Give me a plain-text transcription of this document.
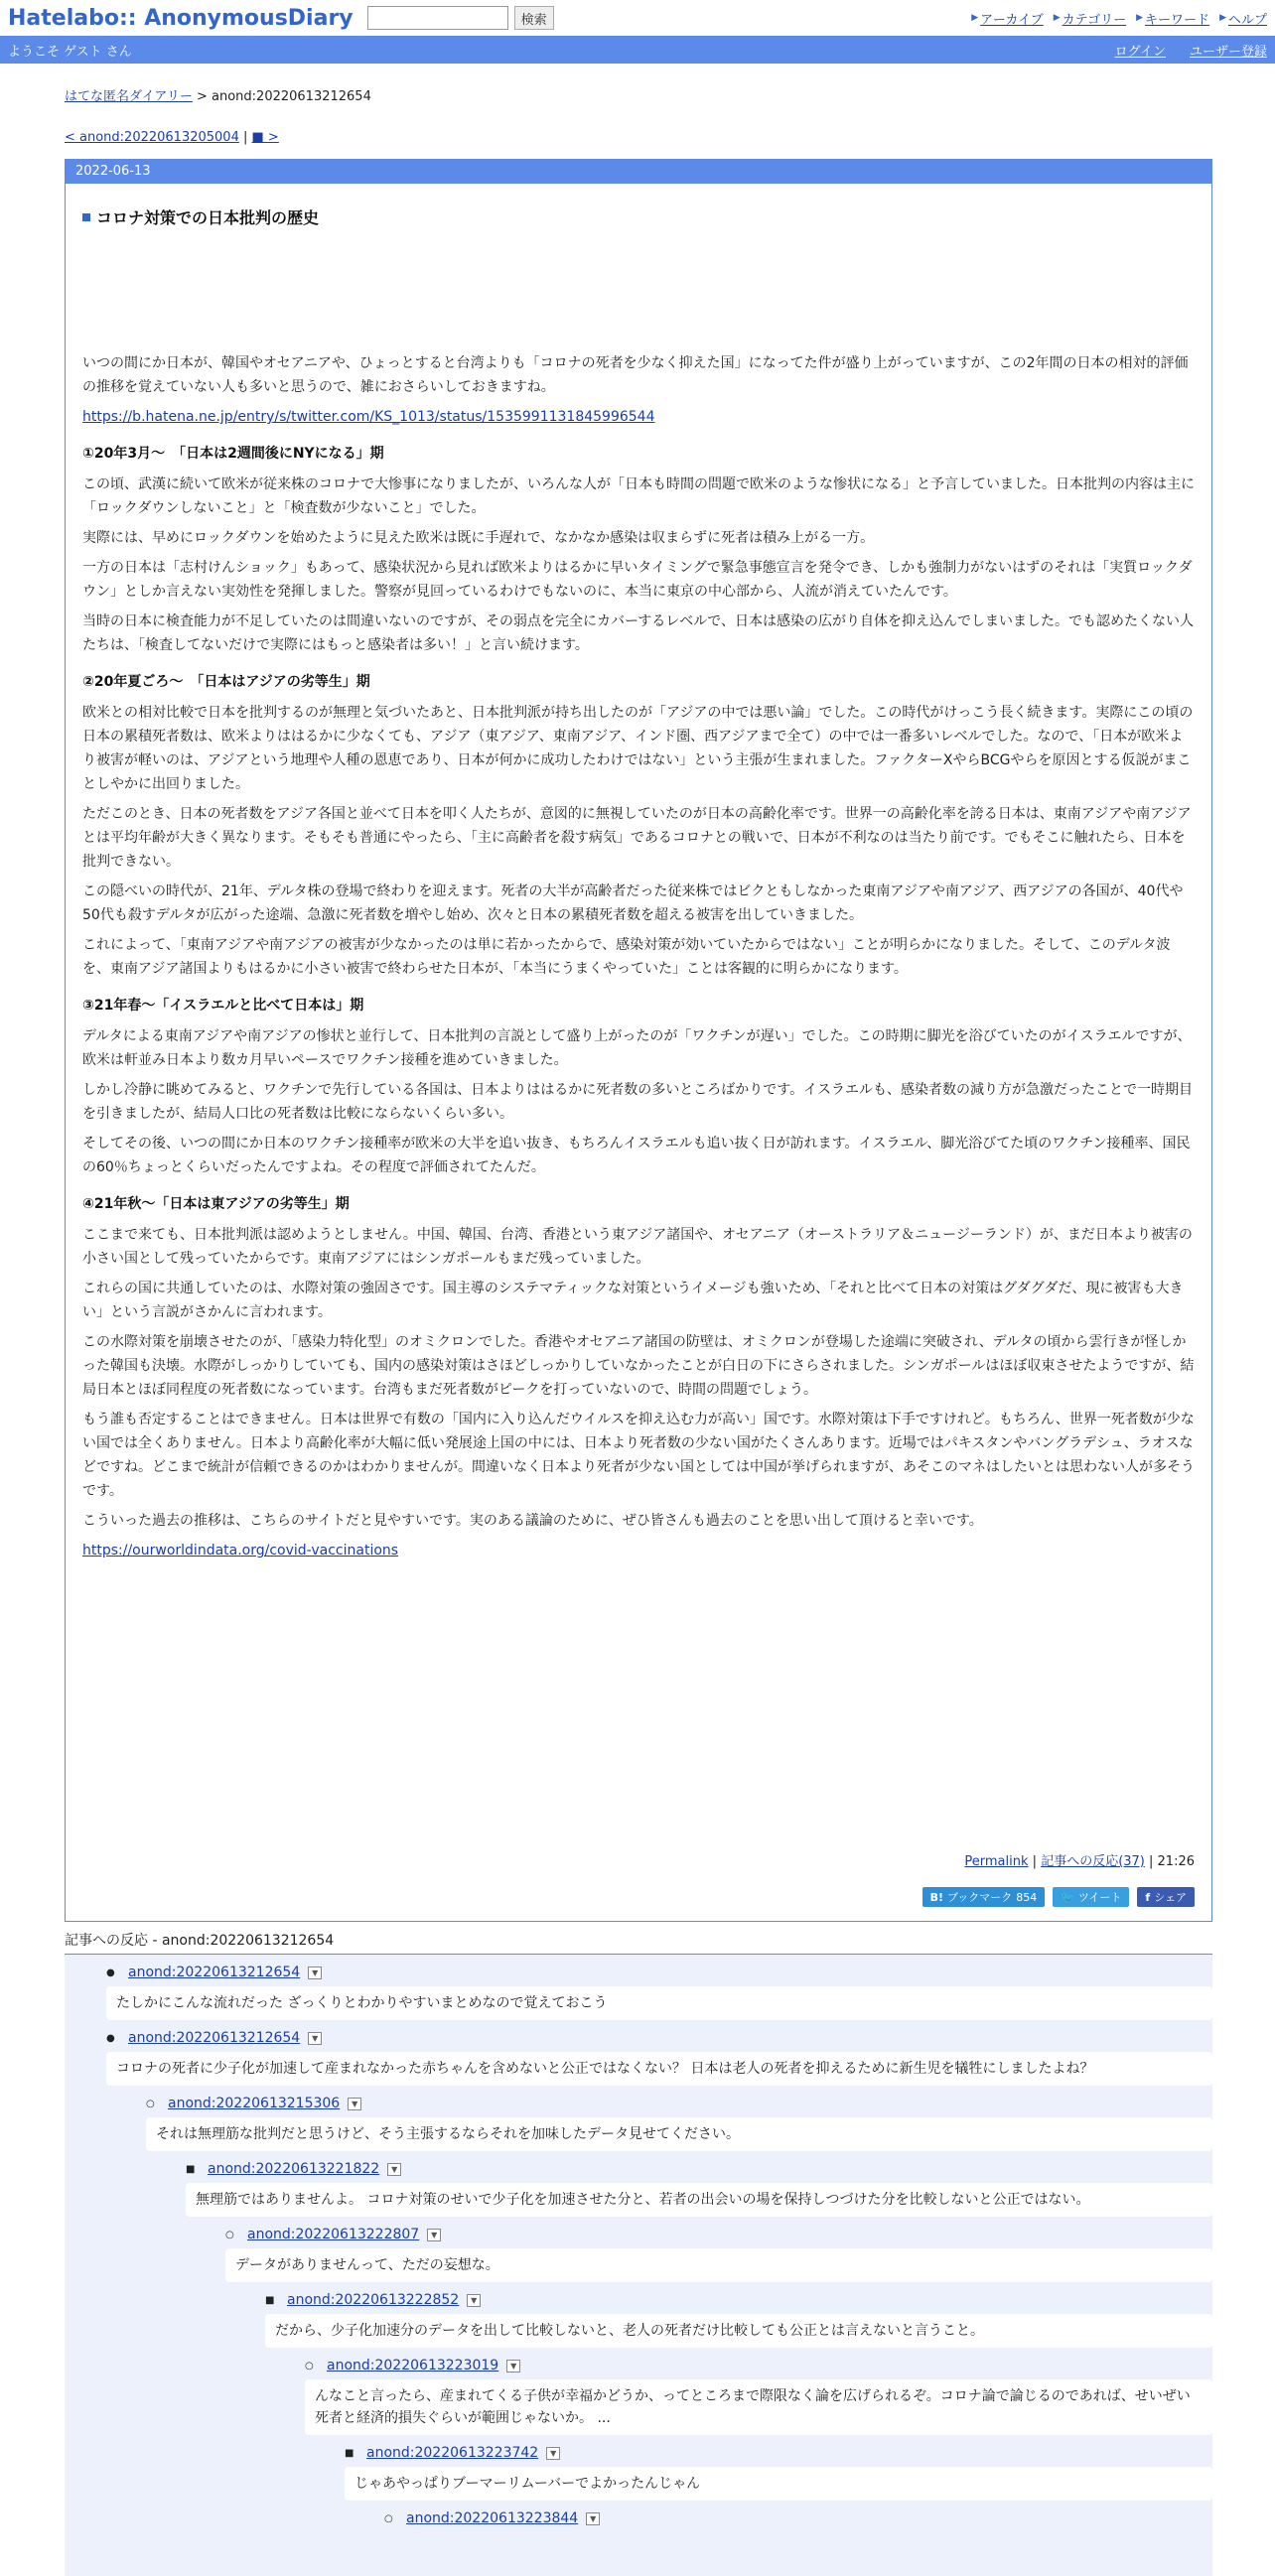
Hatelabo:: AnonymousDiary	検索	▶ アーカイブ ▶ カテゴリー ▶ キーワード ▶ ヘルプ
ようこそ ゲスト さん	ログイン ユーザー登録
はてな匿名ダイアリー > anond:20220613212654
< anond:20220613205004 | ■ >
2022-06-13
コロナ対策での日本批判の歴史
いつの間にか日本が、韓国やオセアニアや、ひょっとすると台湾よりも「コロナの死者を少なく抑えた国」になってた件が盛り上がっていますが、この2年間の日本の相対的評価の推移を覚えていない人も多いと思うので、雑におさらいしておきますね。
https://b.hatena.ne.jp/entry/s/twitter.com/KS_1013/status/1535991131845996544
①20年3月～　「日本は2週間後にNYになる」期
この頃、武漢に続いて欧米が従来株のコロナで大惨事になりましたが、いろんな人が「日本も時間の問題で欧米のような惨状になる」と予言していました。日本批判の内容は主に「ロックダウンしないこと」と「検査数が少ないこと」でした。
実際には、早めにロックダウンを始めたように見えた欧米は既に手遅れで、なかなか感染は収まらずに死者は積み上がる一方。
一方の日本は「志村けんショック」もあって、感染状況から見れば欧米よりはるかに早いタイミングで緊急事態宣言を発令でき、しかも強制力がないはずのそれは「実質ロックダウン」としか言えない実効性を発揮しました。警察が見回っているわけでもないのに、本当に東京の中心部から、人流が消えていたんです。
当時の日本に検査能力が不足していたのは間違いないのですが、その弱点を完全にカバーするレベルで、日本は感染の広がり自体を抑え込んでしまいました。でも認めたくない人たちは、「検査してないだけで実際にはもっと感染者は多い！」と言い続けます。
②20年夏ごろ～　「日本はアジアの劣等生」期
欧米との相対比較で日本を批判するのが無理と気づいたあと、日本批判派が持ち出したのが「アジアの中では悪い論」でした。この時代がけっこう長く続きます。実際にこの頃の日本の累積死者数は、欧米よりははるかに少なくても、アジア（東アジア、東南アジア、インド圏、西アジアまで全て）の中では一番多いレベルでした。なので、「日本が欧米より被害が軽いのは、アジアという地理や人種の恩恵であり、日本が何かに成功したわけではない」という主張が生まれました。ファクターXやらBCGやらを原因とする仮説がまことしやかに出回りました。
ただこのとき、日本の死者数をアジア各国と並べて日本を叩く人たちが、意図的に無視していたのが日本の高齢化率です。世界一の高齢化率を誇る日本は、東南アジアや南アジアとは平均年齢が大きく異なります。そもそも普通にやったら、「主に高齢者を殺す病気」であるコロナとの戦いで、日本が不利なのは当たり前です。でもそこに触れたら、日本を批判できない。
この隠べいの時代が、21年、デルタ株の登場で終わりを迎えます。死者の大半が高齢者だった従来株ではビクともしなかった東南アジアや南アジア、西アジアの各国が、40代や50代も殺すデルタが広がった途端、急激に死者数を増やし始め、次々と日本の累積死者数を超える被害を出していきました。
これによって、「東南アジアや南アジアの被害が少なかったのは単に若かったからで、感染対策が効いていたからではない」ことが明らかになりました。そして、このデルタ波を、東南アジア諸国よりもはるかに小さい被害で終わらせた日本が、「本当にうまくやっていた」ことは客観的に明らかになります。
③21年春～「イスラエルと比べて日本は」期
デルタによる東南アジアや南アジアの惨状と並行して、日本批判の言説として盛り上がったのが「ワクチンが遅い」でした。この時期に脚光を浴びていたのがイスラエルですが、欧米は軒並み日本より数カ月早いペースでワクチン接種を進めていきました。
しかし冷静に眺めてみると、ワクチンで先行している各国は、日本よりははるかに死者数の多いところばかりです。イスラエルも、感染者数の減り方が急激だったことで一時期目を引きましたが、結局人口比の死者数は比較にならないくらい多い。
そしてその後、いつの間にか日本のワクチン接種率が欧米の大半を追い抜き、もちろんイスラエルも追い抜く日が訪れます。イスラエル、脚光浴びてた頃のワクチン接種率、国民の60％ちょっとくらいだったんですよね。その程度で評価されてたんだ。
④21年秋～「日本は東アジアの劣等生」期
ここまで来ても、日本批判派は認めようとしません。中国、韓国、台湾、香港という東アジア諸国や、オセアニア（オーストラリア＆ニュージーランド）が、まだ日本より被害の小さい国として残っていたからです。東南アジアにはシンガポールもまだ残っていました。
これらの国に共通していたのは、水際対策の強固さです。国主導のシステマティックな対策というイメージも強いため、「それと比べて日本の対策はグダグダだ、現に被害も大きい」という言説がさかんに言われます。
この水際対策を崩壊させたのが、「感染力特化型」のオミクロンでした。香港やオセアニア諸国の防壁は、オミクロンが登場した途端に突破され、デルタの頃から雲行きが怪しかった韓国も決壊。水際がしっかりしていても、国内の感染対策はさほどしっかりしていなかったことが白日の下にさらされました。シンガポールはほぼ収束させたようですが、結局日本とほぼ同程度の死者数になっています。台湾もまだ死者数がピークを打っていないので、時間の問題でしょう。
もう誰も否定することはできません。日本は世界で有数の「国内に入り込んだウイルスを抑え込む力が高い」国です。水際対策は下手ですけれど。もちろん、世界一死者数が少ない国では全くありません。日本より高齢化率が大幅に低い発展途上国の中には、日本より死者数の少ない国がたくさんあります。近場ではパキスタンやバングラデシュ、ラオスなどですね。どこまで統計が信頼できるのかはわかりませんが。間違いなく日本より死者が少ない国としては中国が挙げられますが、あそこのマネはしたいとは思わない人が多そうです。
こういった過去の推移は、こちらのサイトだと見やすいです。実のある議論のために、ぜひ皆さんも過去のことを思い出して頂けると幸いです。
https://ourworldindata.org/covid-vaccinations
Permalink | 記事への反応(37) | 21:26
B! ブックマーク 854 🐦 ツイート f シェア
記事への反応 - anond:20220613212654
● anond:20220613212654	▼
たしかにこんな流れだった ざっくりとわかりやすいまとめなので覚えておこう
● anond:20220613212654	▼
コロナの死者に少子化が加速して産まれなかった赤ちゃんを含めないと公正ではなくない？ 日本は老人の死者を抑えるために新生児を犠牲にしましたよね？
○ anond:20220613215306	▼
それは無理筋な批判だと思うけど、そう主張するならそれを加味したデータ見せてください。
■ anond:20220613221822	▼
無理筋ではありませんよ。 コロナ対策のせいで少子化を加速させた分と、若者の出会いの場を保持しつづけた分を比較しないと公正ではない。
○ anond:20220613222807	▼
データがありませんって、ただの妄想な。
■ anond:20220613222852	▼
だから、少子化加速分のデータを出して比較しないと、老人の死者だけ比較しても公正とは言えないと言うこと。
○ anond:20220613223019	▼
んなこと言ったら、産まれてくる子供が幸福かどうか、ってところまで際限なく論を広げられるぞ。コロナ論で論じるのであれば、せいぜい死者と経済的損失ぐらいが範囲じゃないか。 ...
■ anond:20220613223742	▼
じゃあやっぱりブーマーリムーバーでよかったんじゃん
○ anond:20220613223844	▼
